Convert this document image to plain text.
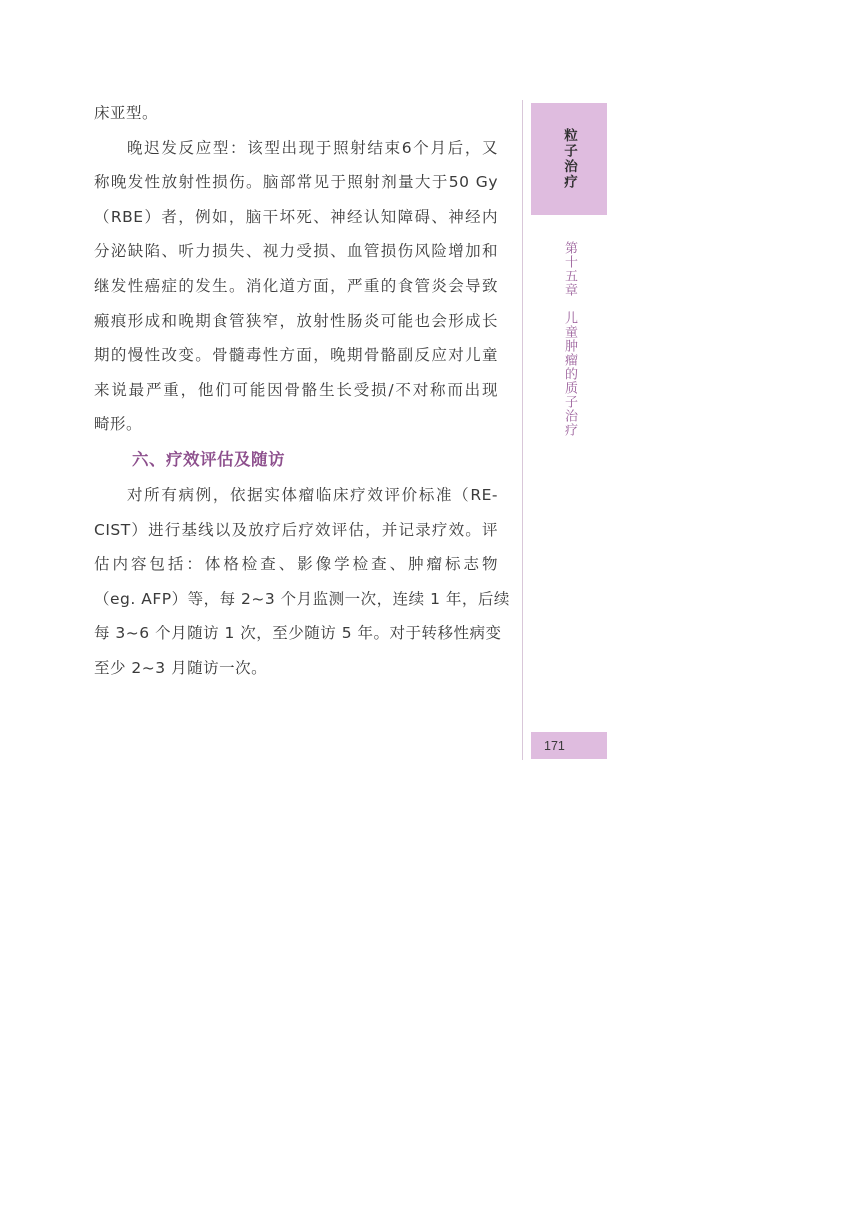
床亚型。
晚迟发反应型：该型出现于照射结束6个月后，又
称晚发性放射性损伤。脑部常见于照射剂量大于50 Gy
（RBE）者，例如，脑干坏死、神经认知障碍、神经内
分泌缺陷、听力损失、视力受损、血管损伤风险增加和
继发性癌症的发生。消化道方面，严重的食管炎会导致
瘢痕形成和晚期食管狭窄，放射性肠炎可能也会形成长
期的慢性改变。骨髓毒性方面，晚期骨骼副反应对儿童
来说最严重，他们可能因骨骼生长受损/不对称而出现
畸形。
六、疗效评估及随访
对所有病例，依据实体瘤临床疗效评价标准（RE-
CIST）进行基线以及放疗后疗效评估，并记录疗效。评
估内容包括：体格检查、影像学检查、肿瘤标志物
（eg. AFP）等，每 2~3 个月监测一次，连续 1 年，后续
每 3~6 个月随访 1 次，至少随访 5 年。对于转移性病变
至少 2~3 月随访一次。
粒子治疗
第十五章　儿童肿瘤的质子治疗
171
